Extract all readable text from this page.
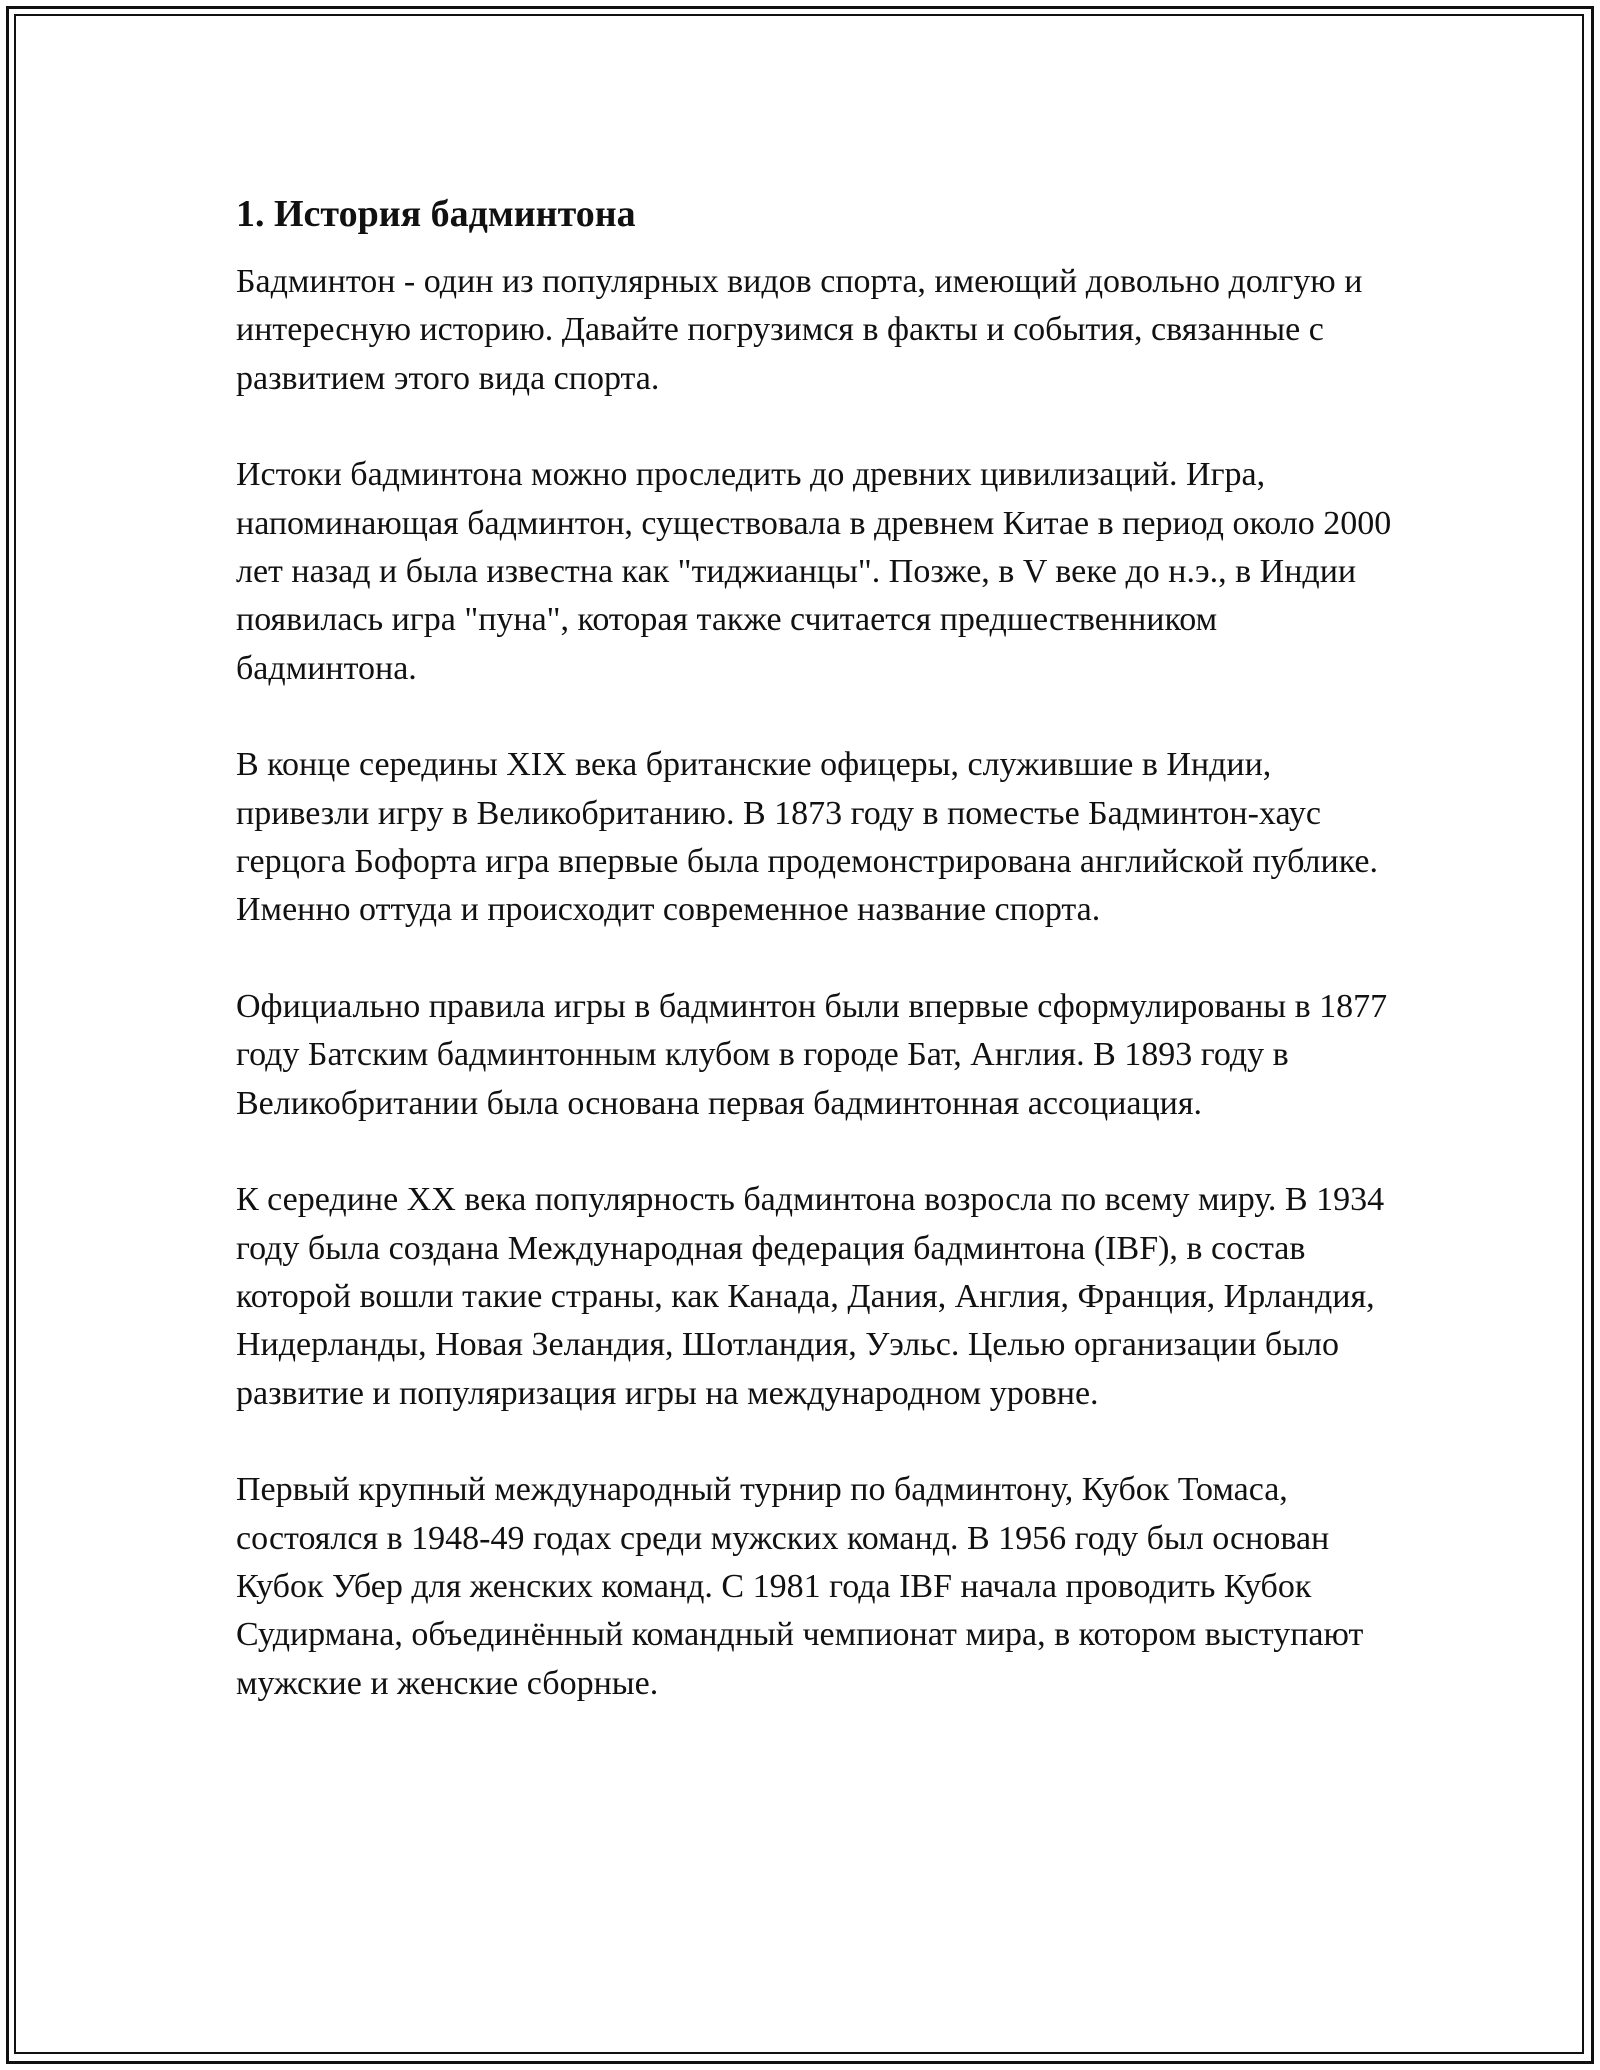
1. История бадминтона

Бадминтон - один из популярных видов спорта, имеющий довольно долгую и интересную историю. Давайте погрузимся в факты и события, связанные с развитием этого вида спорта.

Истоки бадминтона можно проследить до древних цивилизаций. Игра, напоминающая бадминтон, существовала в древнем Китае в период около 2000 лет назад и была известна как "тиджианцы". Позже, в V веке до н.э., в Индии появилась игра "пуна", которая также считается предшественником бадминтона.

В конце середины XIX века британские офицеры, служившие в Индии, привезли игру в Великобританию. В 1873 году в поместье Бадминтон-хаус герцога Бофорта игра впервые была продемонстрирована английской публике. Именно оттуда и происходит современное название спорта.

Официально правила игры в бадминтон были впервые сформулированы в 1877 году Батским бадминтонным клубом в городе Бат, Англия. В 1893 году в Великобритании была основана первая бадминтонная ассоциация.

К середине XX века популярность бадминтона возросла по всему миру. В 1934 году была создана Международная федерация бадминтона (IBF), в состав которой вошли такие страны, как Канада, Дания, Англия, Франция, Ирландия, Нидерланды, Новая Зеландия, Шотландия, Уэльс. Целью организации было развитие и популяризация игры на международном уровне.

Первый крупный международный турнир по бадминтону, Кубок Томаса, состоялся в 1948-49 годах среди мужских команд. В 1956 году был основан Кубок Убер для женских команд. С 1981 года IBF начала проводить Кубок Судирмана, объединённый командный чемпионат мира, в котором выступают мужские и женские сборные.
